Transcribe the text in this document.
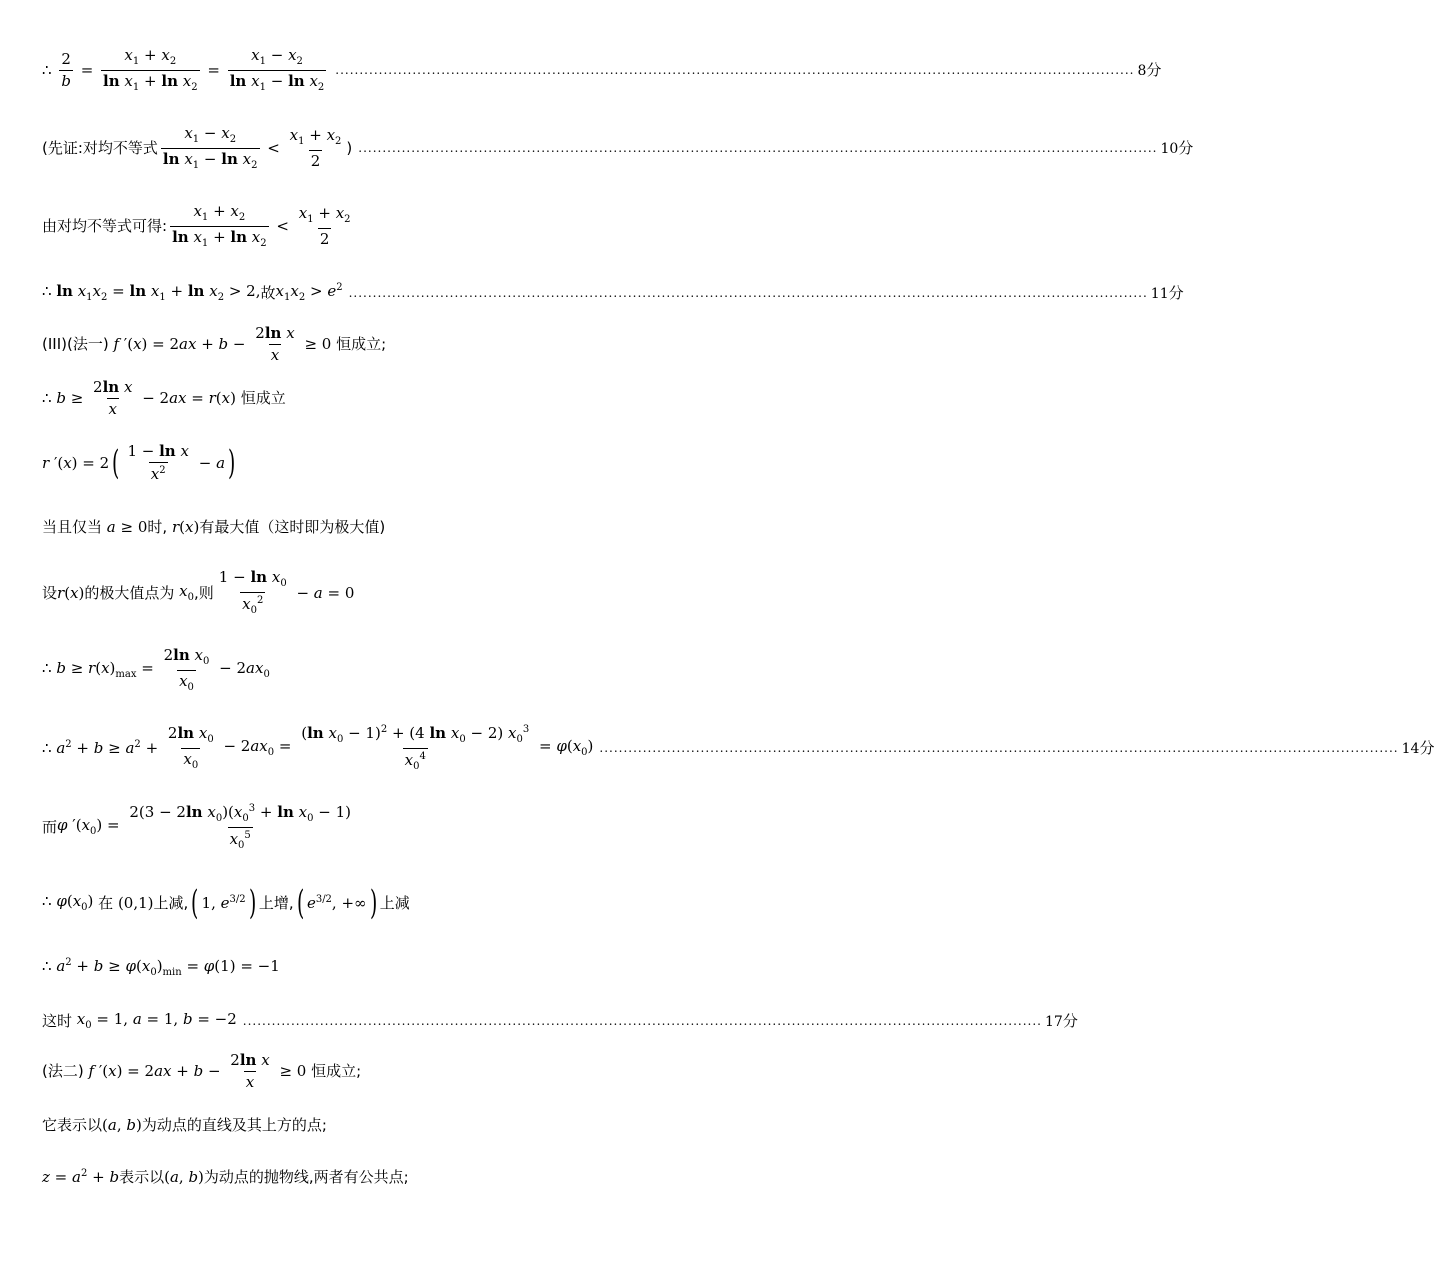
∴ $\frac{2}{b} = \frac{x_1 + x_2}{\ln x_1 + \ln x_2} = \frac{x_1 - x_2}{\ln x_1 - \ln x_2}$ ...................................................................................................................................................................... 8分
(先证:对均不等式 $\frac{x_1 - x_2}{\ln x_1 - \ln x_2} < \frac{x_1 + x_2}{2}$ ) ...................................................................................................................................................................... 10分
由对均不等式可得: $\frac{x_1 + x_2}{\ln x_1 + \ln x_2} < \frac{x_1 + x_2}{2}$
∴ $\ln x_1x_2 = \ln x_1 + \ln x_2 > 2$, 故 $x_1x_2 > e^2$ ...................................................................................................................................................................... 11分
(III)(法一) f $'(x) = 2ax + b - \frac{\text{2ln x}}{x} \ge 0$ 恒成立;
∴ $b \ge \frac{\text{2ln x}}{x} - 2ax = r(x)$ 恒成立
r ′(x) = 2 ( $\frac{\text{1 − ln x}}{x^2} - a$ )
当且仅当 a ≥ 0 时, r(x) 有最大值（这时即为极大值)
设 r(x) 的极大值点为 $x_0$ ,则 $\frac{1 - \ln x_0}{x_0^2} - a = 0$
∴ $b \ge r(x)_{max} = \frac{2\ln x_0}{x_0} - 2ax_0$
∴ $a^2 + b \ge a^2 + \frac{2\ln x_0}{x_0} - 2ax_0 = \frac{(\ln x_0 - 1)^2 + (4 \ln x_0 - 2) x_0^3}{x_0^4} = \varphi(x_0)$ ...................................................................................................................................................................... 14分
而 φ $'(x_0) = \frac{2(3 - 2\ln x_0)(x_0^3 + \ln x_0 - 1)}{x_0^5}$
∴ $\varphi(x_0)$ 在 (0,1) 上减, ( 1, $e^{3/2}$ ) 上增, ( $e^{3/2}$, +∞ ) 上减
∴ $a^2 + b \ge \varphi(x_0)_{min} = \varphi(1) = -1$
这时 $x_0 = 1$, a = 1, b = −2 ...................................................................................................................................................................... 17分
(法二) f $'(x) = 2ax + b - \frac{\text{2ln x}}{x} \ge 0$ 恒成立;
它表示以 (a, b) 为动点的直线及其上方的点;
$z = a^2 + b$ 表示以 (a, b) 为动点的抛物线,两者有公共点;
